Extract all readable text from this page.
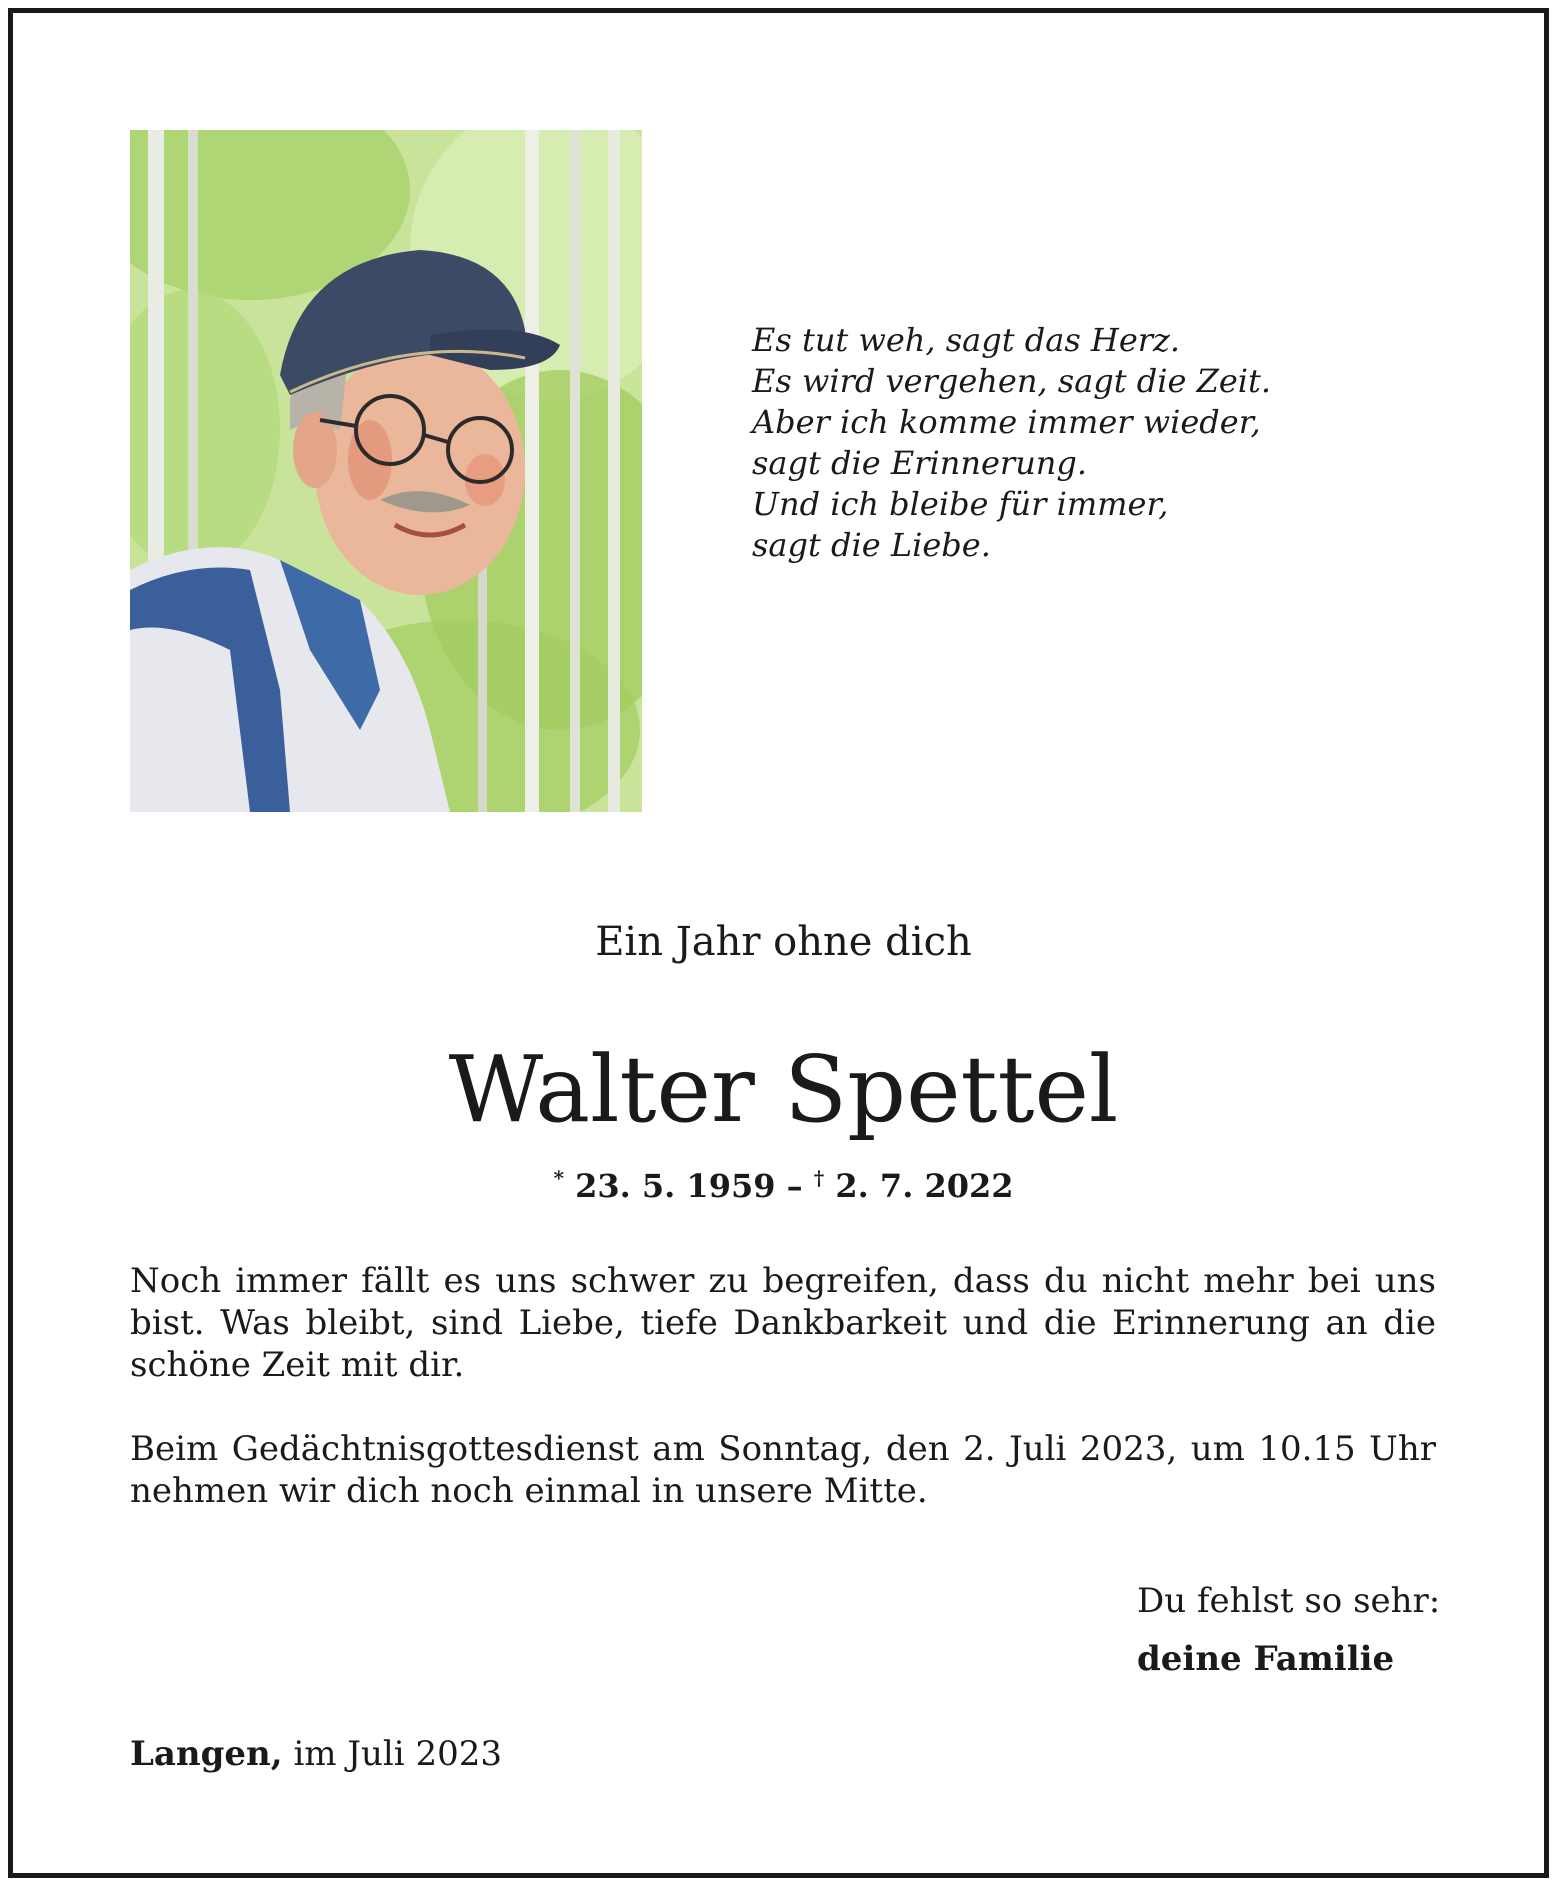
Es tut weh, sagt das Herz.
Es wird vergehen, sagt die Zeit.
Aber ich komme immer wieder,
sagt die Erinnerung.
Und ich bleibe für immer,
sagt die Liebe.
Ein Jahr ohne dich
Walter Spettel
* 23. 5. 1959 – † 2. 7. 2022
Noch immer fällt es uns schwer zu begreifen, dass du nicht mehr bei uns bist. Was bleibt, sind Liebe, tiefe Dankbarkeit und die Erinnerung an die schöne Zeit mit dir.
Beim Gedächtnisgottesdienst am Sonntag, den 2. Juli 2023, um 10.15 Uhr nehmen wir dich noch einmal in unsere Mitte.
Du fehlst so sehr:
deine Familie
Langen, im Juli 2023
